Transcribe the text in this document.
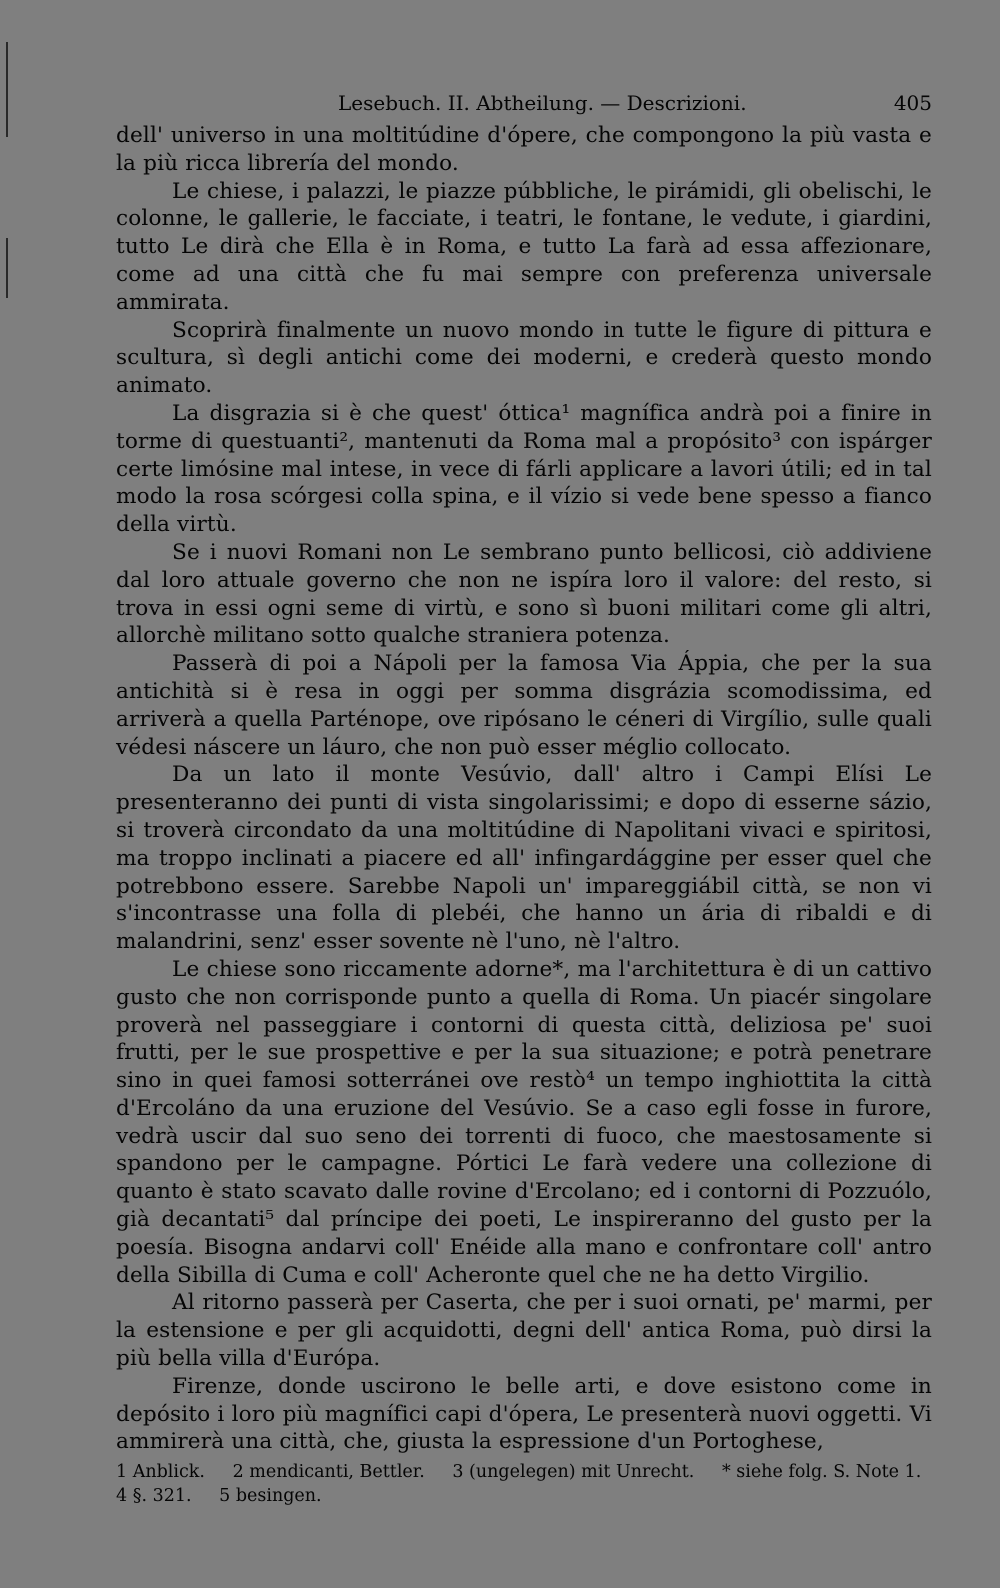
Lesebuch. II. Abtheilung. — Descrizioni.	405

dell' universo in una moltitúdine d'ópere, che compongono la più vasta e la più ricca librería del mondo.

Le chiese, i palazzi, le piazze púbbliche, le pirámidi, gli obelischi, le colonne, le gallerie, le facciate, i teatri, le fontane, le vedute, i giardini, tutto Le dirà che Ella è in Roma, e tutto La farà ad essa affezionare, come ad una città che fu mai sempre con preferenza universale ammirata.

Scoprirà finalmente un nuovo mondo in tutte le figure di pittura e scultura, sì degli antichi come dei moderni, e crederà questo mondo animato.

La disgrazia si è che quest' óttica¹ magnífica andrà poi a finire in torme di questuanti², mantenuti da Roma mal a propósito³ con ispárger certe limósine mal intese, in vece di fárli applicare a lavori útili; ed in tal modo la rosa scórgesi colla spina, e il vízio si vede bene spesso a fianco della virtù.

Se i nuovi Romani non Le sembrano punto bellicosi, ciò addiviene dal loro attuale governo che non ne ispíra loro il valore: del resto, si trova in essi ogni seme di virtù, e sono sì buoni militari come gli altri, allorchè militano sotto qualche straniera potenza.

Passerà di poi a Nápoli per la famosa Via Áppia, che per la sua antichità si è resa in oggi per somma disgrázia scomodissima, ed arriverà a quella Parténope, ove ripósano le céneri di Virgílio, sulle quali védesi náscere un láuro, che non può esser méglio collocato.

Da un lato il monte Vesúvio, dall' altro i Campi Elísi Le presenteranno dei punti di vista singolarissimi; e dopo di esserne sázio, si troverà circondato da una moltitúdine di Napolitani vivaci e spiritosi, ma troppo inclinati a piacere ed all' infingardággine per esser quel che potrebbono essere. Sarebbe Napoli un' impareggiábil città, se non vi s'incontrasse una folla di plebéi, che hanno un ária di ribaldi e di malandrini, senz' esser sovente nè l'uno, nè l'altro.

Le chiese sono riccamente adorne*, ma l'architettura è di un cattivo gusto che non corrisponde punto a quella di Roma. Un piacér singolare proverà nel passeggiare i contorni di questa città, deliziosa pe' suoi frutti, per le sue prospettive e per la sua situazione; e potrà penetrare sino in quei famosi sotterránei ove restò⁴ un tempo inghiottita la città d'Ercoláno da una eruzione del Vesúvio. Se a caso egli fosse in furore, vedrà uscir dal suo seno dei torrenti di fuoco, che maestosamente si spandono per le campagne. Pórtici Le farà vedere una collezione di quanto è stato scavato dalle rovine d'Ercolano; ed i contorni di Pozzuólo, già decantati⁵ dal príncipe dei poeti, Le inspireranno del gusto per la poesía. Bisogna andarvi coll' Enéide alla mano e confrontare coll' antro della Sibilla di Cuma e coll' Acheronte quel che ne ha detto Virgilio.

Al ritorno passerà per Caserta, che per i suoi ornati, pe' marmi, per la estensione e per gli acquidotti, degni dell' antica Roma, può dirsi la più bella villa d'Európa.

Firenze, donde uscirono le belle arti, e dove esistono come in depósito i loro più magnífici capi d'ópera, Le presenterà nuovi oggetti. Vi ammirerà una città, che, giusta la espressione d'un Portoghese,

1 Anblick. 2 mendicanti, Bettler. 3 (ungelegen) mit Unrecht. * siehe folg. S. Note 1.
4 §. 321. 5 besingen.
